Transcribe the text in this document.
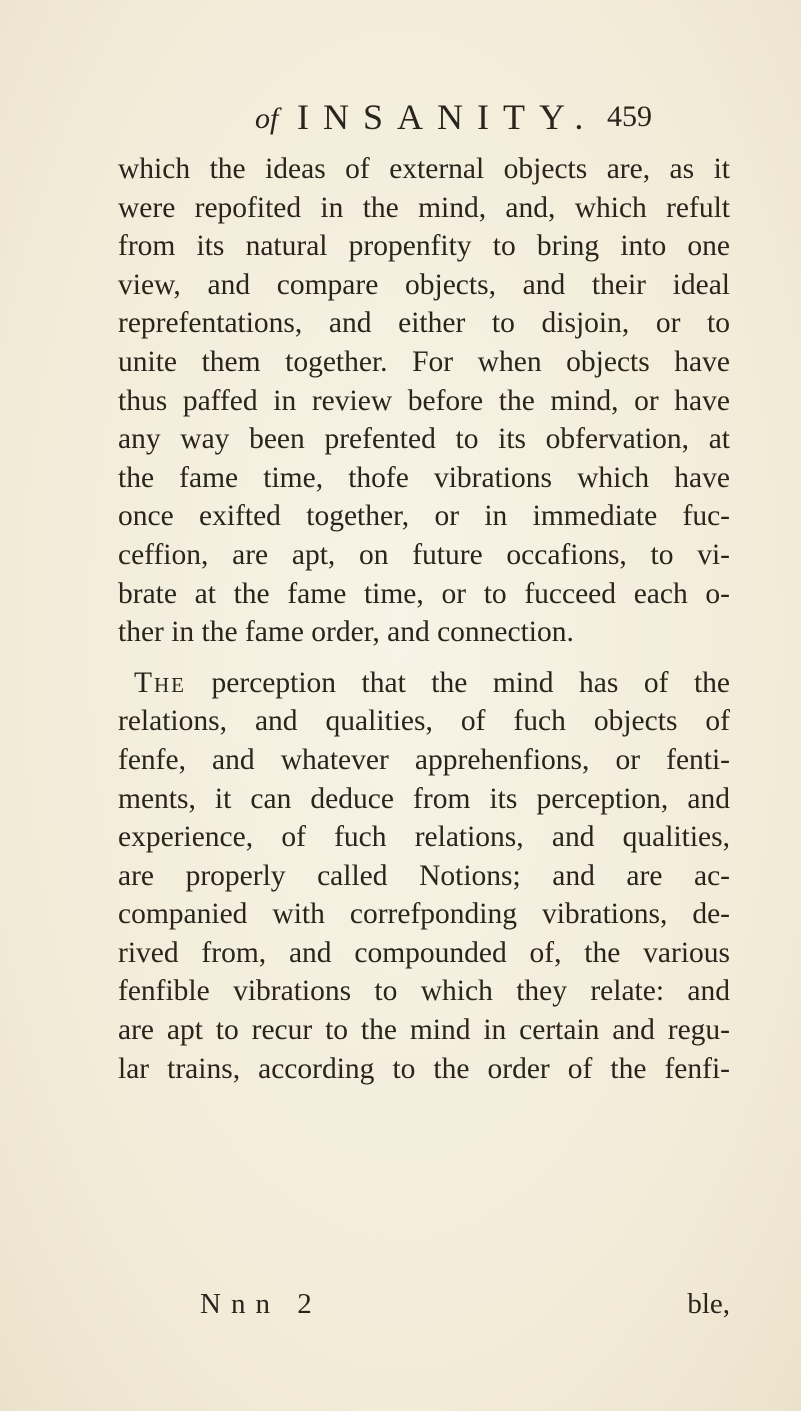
of INSANITY. 459
which the ideas of external objects are, as it
were repofited in the mind, and, which refult
from its natural propenfity to bring into one
view, and compare objects, and their ideal
reprefentations, and either to disjoin, or to
unite them together. For when objects have
thus paffed in review before the mind, or have
any way been prefented to its obfervation, at
the fame time, thofe vibrations which have
once exifted together, or in immediate fuc-
ceffion, are apt, on future occafions, to vi-
brate at the fame time, or to fucceed each o-
ther in the fame order, and connection.
The perception that the mind has of the
relations, and qualities, of fuch objects of
fenfe, and whatever apprehenfions, or fenti-
ments, it can deduce from its perception, and
experience, of fuch relations, and qualities,
are properly called Notions; and are ac-
companied with correfponding vibrations, de-
rived from, and compounded of, the various
fenfible vibrations to which they relate: and
are apt to recur to the mind in certain and regu-
lar trains, according to the order of the fenfi-
Nnn 2	ble,
